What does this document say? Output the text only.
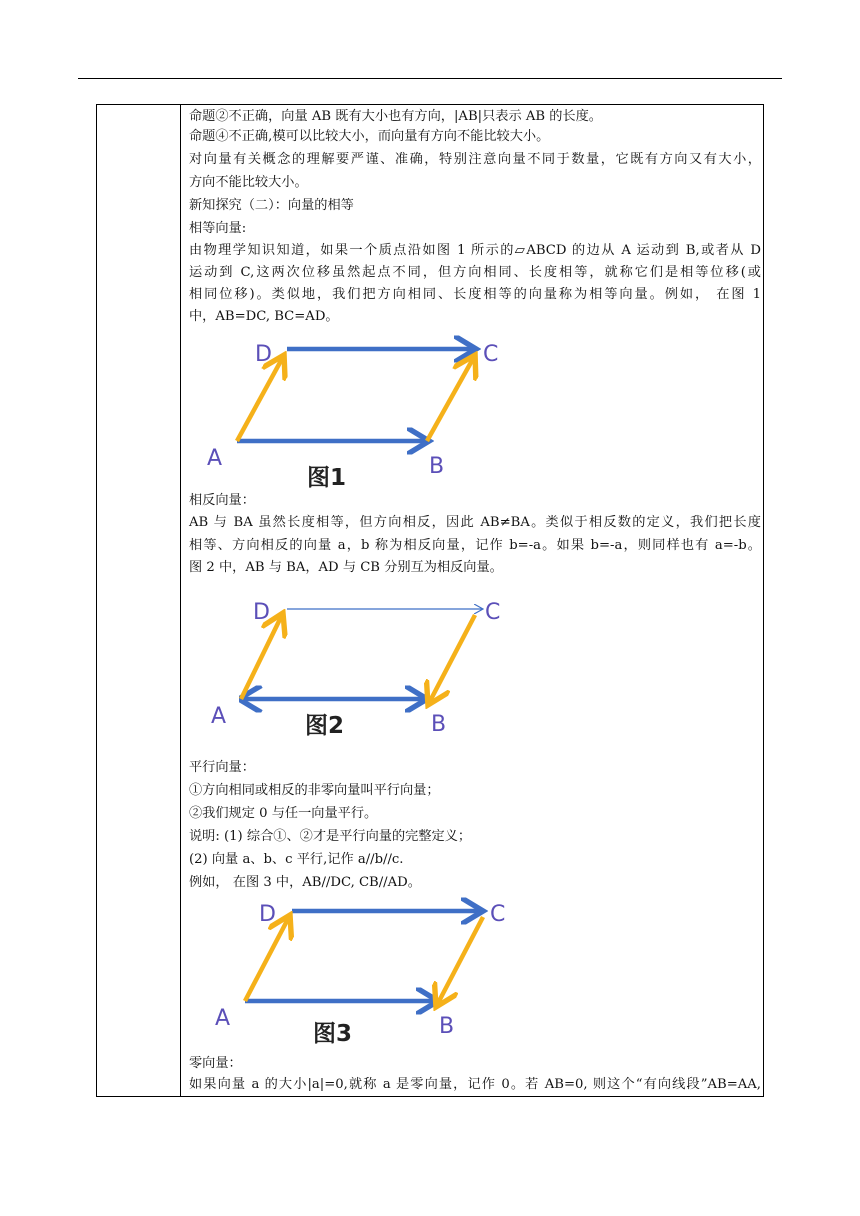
命题②不正确，向量 AB 既有大小也有方向，|AB|只表示 AB 的长度。
命题④不正确,模可以比较大小，而向量有方向不能比较大小。
对向量有关概念的理解要严谨、准确，特别注意向量不同于数量，它既有方向又有大小，
方向不能比较大小。
新知探究（二）：向量的相等
相等向量:
由物理学知识知道，如果一个质点沿如图 1 所示的▱ABCD 的边从 A 运动到 B,或者从 D
运动到 C,这两次位移虽然起点不同，但方向相同、长度相等，就称它们是相等位移(或
相同位移)。类似地，我们把方向相同、长度相等的向量称为相等向量。例如， 在图 1
中，AB=DC, BC=AD。
D	C
A	B
图1
相反向量：
AB 与 BA 虽然长度相等，但方向相反，因此 AB≠BA。类似于相反数的定义，我们把长度
相等、方向相反的向量 a，b 称为相反向量，记作 b=-a。如果 b=-a，则同样也有 a=-b。
图 2 中，AB 与 BA，AD 与 CB 分别互为相反向量。
D	C
A	B
图2
平行向量：
①方向相同或相反的非零向量叫平行向量；
②我们规定 0 与任一向量平行。
说明: (1) 综合①、②才是平行向量的完整定义；
(2) 向量 a、b、c 平行,记作 a//b//c.
例如， 在图 3 中，AB//DC, CB//AD。
D	C
A	B
图3
零向量：
如果向量 a 的大小|a|=0,就称 a 是零向量，记作 0。若 AB=0, 则这个“有向线段”AB=AA,
